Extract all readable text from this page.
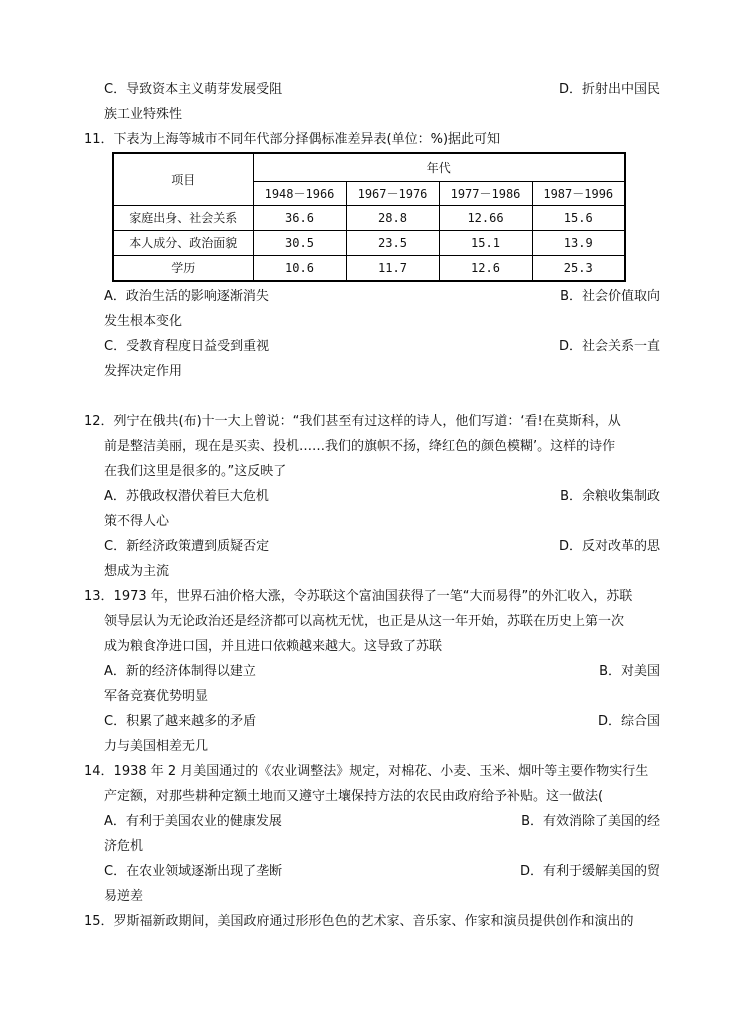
C．导致资本主义萌芽发展受阻	D．折射出中国民
族工业特殊性
11．下表为上海等城市不同年代部分择偶标准差异表(单位：%)据此可知
项目	年代			
	1948－1966	1967－1976	1977－1986	1987－1996
家庭出身、社会关系	36.6	28.8	12.66	15.6
本人成分、政治面貌	30.5	23.5	15.1	13.9
学历	10.6	11.7	12.6	25.3
A．政治生活的影响逐渐消失	B．社会价值取向
发生根本变化
C．受教育程度日益受到重视	D．社会关系一直
发挥决定作用
12．列宁在俄共(布)十一大上曾说：“我们甚至有过这样的诗人，他们写道：‘看!在莫斯科，从
前是整洁美丽，现在是买卖、投机……我们的旗帜不扬，绛红色的颜色模糊’。这样的诗作
在我们这里是很多的。”这反映了
A．苏俄政权潜伏着巨大危机	B．余粮收集制政
策不得人心
C．新经济政策遭到质疑否定	D．反对改革的思
想成为主流
13．1973 年，世界石油价格大涨，令苏联这个富油国获得了一笔“大而易得”的外汇收入，苏联
领导层认为无论政治还是经济都可以高枕无忧，也正是从这一年开始，苏联在历史上第一次
成为粮食净进口国，并且进口依赖越来越大。这导致了苏联
A．新的经济体制得以建立	B．对美国
军备竞赛优势明显
C．积累了越来越多的矛盾	D．综合国
力与美国相差无几
14．1938 年 2 月美国通过的《农业调整法》规定，对棉花、小麦、玉米、烟叶等主要作物实行生
产定额，对那些耕种定额土地而又遵守土壤保持方法的农民由政府给予补贴。这一做法(
A．有利于美国农业的健康发展	B．有效消除了美国的经
济危机
C．在农业领域逐渐出现了垄断	D．有利于缓解美国的贸
易逆差
15．罗斯福新政期间，美国政府通过形形色色的艺术家、音乐家、作家和演员提供创作和演出的
